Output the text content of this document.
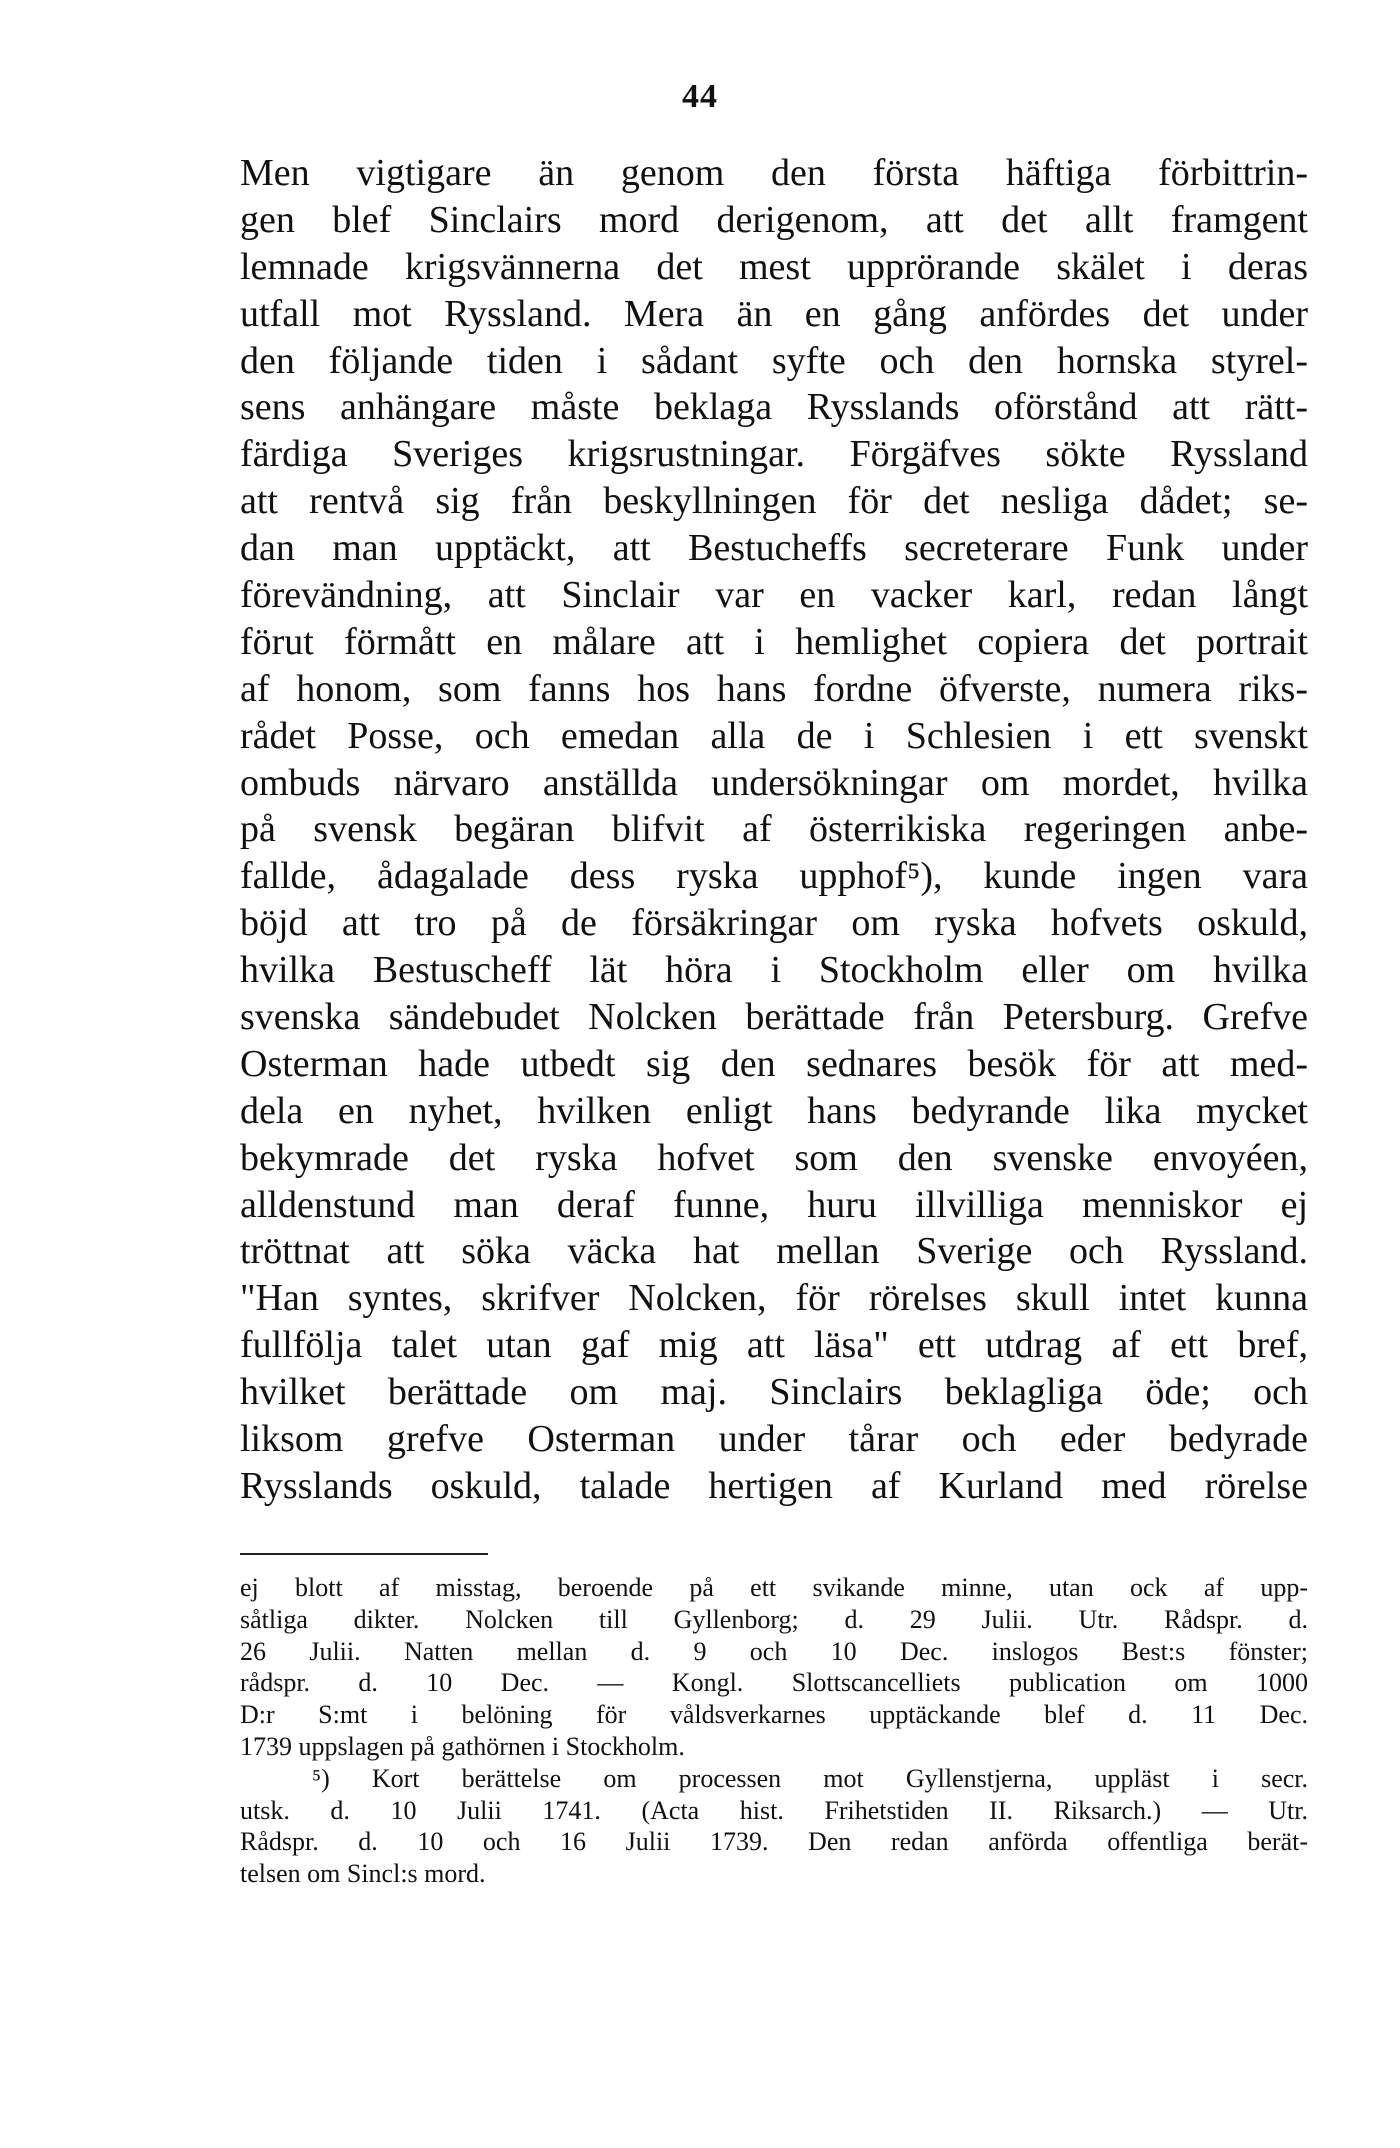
44
Men vigtigare än genom den första häftiga förbittrin-
gen blef Sinclairs mord derigenom, att det allt framgent
lemnade krigsvännerna det mest upprörande skälet i deras
utfall mot Ryssland. Mera än en gång anfördes det under
den följande tiden i sådant syfte och den hornska styrel-
sens anhängare måste beklaga Rysslands oförstånd att rätt-
färdiga Sveriges krigsrustningar. Förgäfves sökte Ryssland
att rentvå sig från beskyllningen för det nesliga dådet; se-
dan man upptäckt, att Bestucheffs secreterare Funk under
förevändning, att Sinclair var en vacker karl, redan långt
förut förmått en målare att i hemlighet copiera det portrait
af honom, som fanns hos hans fordne öfverste, numera riks-
rådet Posse, och emedan alla de i Schlesien i ett svenskt
ombuds närvaro anställda undersökningar om mordet, hvilka
på svensk begäran blifvit af österrikiska regeringen anbe-
fallde, ådagalade dess ryska upphof⁵), kunde ingen vara
böjd att tro på de försäkringar om ryska hofvets oskuld,
hvilka Bestuscheff lät höra i Stockholm eller om hvilka
svenska sändebudet Nolcken berättade från Petersburg. Grefve
Osterman hade utbedt sig den sednares besök för att med-
dela en nyhet, hvilken enligt hans bedyrande lika mycket
bekymrade det ryska hofvet som den svenske envoyéen,
alldenstund man deraf funne, huru illvilliga menniskor ej
tröttnat att söka väcka hat mellan Sverige och Ryssland.
"Han syntes, skrifver Nolcken, för rörelses skull intet kunna
fullfölja talet utan gaf mig att läsa" ett utdrag af ett bref,
hvilket berättade om maj. Sinclairs beklagliga öde; och
liksom grefve Osterman under tårar och eder bedyrade
Rysslands oskuld, talade hertigen af Kurland med rörelse
ej blott af misstag, beroende på ett svikande minne, utan ock af upp-
såtliga dikter. Nolcken till Gyllenborg; d. 29 Julii. Utr. Rådspr. d.
26 Julii. Natten mellan d. 9 och 10 Dec. inslogos Best:s fönster;
rådspr. d. 10 Dec. — Kongl. Slottscancelliets publication om 1000
D:r S:mt i belöning för våldsverkarnes upptäckande blef d. 11 Dec.
1739 uppslagen på gathörnen i Stockholm.
⁵) Kort berättelse om processen mot Gyllenstjerna, uppläst i secr.
utsk. d. 10 Julii 1741. (Acta hist. Frihetstiden II. Riksarch.) — Utr.
Rådspr. d. 10 och 16 Julii 1739. Den redan anförda offentliga berät-
telsen om Sincl:s mord.
